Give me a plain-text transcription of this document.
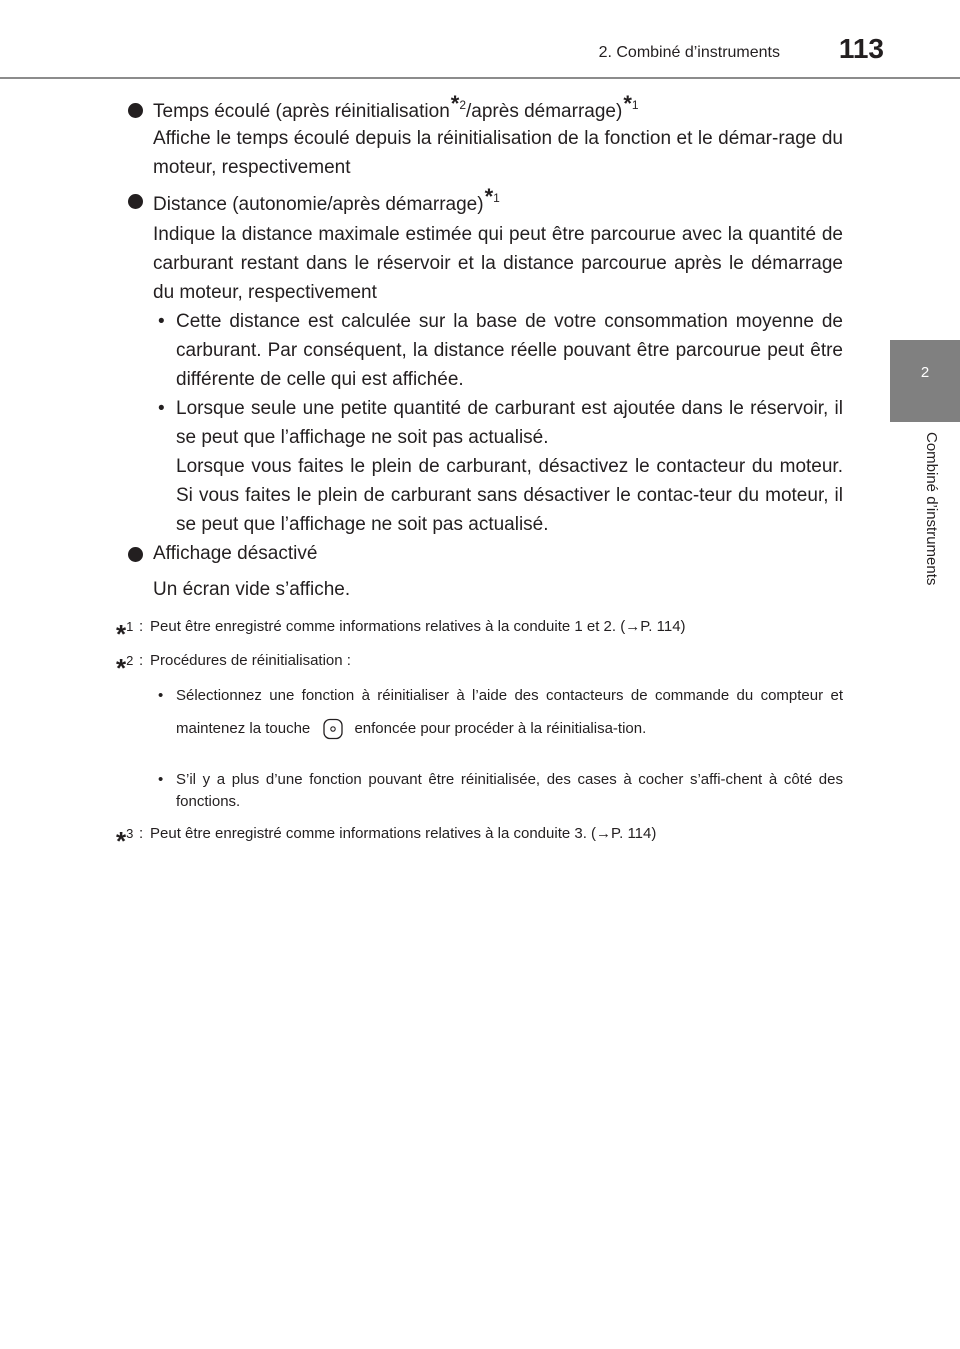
2. Combiné d’instruments	113
2
Combiné d’instruments
Temps écoulé (après réinitialisation$^{*2}$/après démarrage)$^{*1}$

Affiche le temps écoulé depuis la réinitialisation de la fonction et le démar-rage du moteur, respectivement

Distance (autonomie/après démarrage)$^{*1}$

Indique la distance maximale estimée qui peut être parcourue avec la quantité de carburant restant dans le réservoir et la distance parcourue après le démarrage du moteur, respectivement

• Cette distance est calculée sur la base de votre consommation moyenne de carburant. Par conséquent, la distance réelle pouvant être parcourue peut être différente de celle qui est affichée.

• Lorsque seule une petite quantité de carburant est ajoutée dans le réservoir, il se peut que l’affichage ne soit pas actualisé.

Lorsque vous faites le plein de carburant, désactivez le contacteur du moteur. Si vous faites le plein de carburant sans désactiver le contac-teur du moteur, il se peut que l’affichage ne soit pas actualisé.

Affichage désactivé

Un écran vide s’affiche.

*1 : Peut être enregistré comme informations relatives à la conduite 1 et 2. (→P. 114)
*2 : Procédures de réinitialisation :
• Sélectionnez une fonction à réinitialiser à l’aide des contacteurs de commande du compteur et maintenez la touche	enfoncée pour procéder à la réinitialisa-tion.

• S’il y a plus d’une fonction pouvant être réinitialisée, des cases à cocher s’affi-chent à côté des fonctions.

*3 : Peut être enregistré comme informations relatives à la conduite 3. (→P. 114)
